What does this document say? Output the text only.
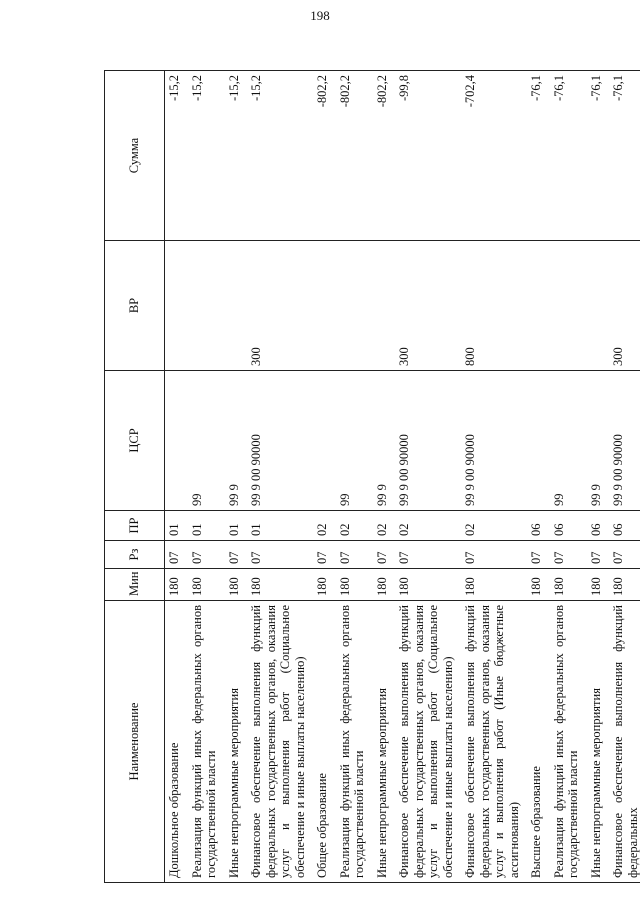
198
Наименование	Мин	Рз	ПР	ЦСР	ВР	Сумма
Дошкольное образование	180	07	01			-15,2
Реализация функций иных федеральных органов государственной власти	180	07	01	99		-15,2
Иные непрограммные мероприятия	180	07	01	99 9		-15,2
Финансовое обеспечение выполнения функций федеральных государственных органов, оказания услуг и выполнения работ (Социальное обеспечение и иные выплаты населению)	180	07	01	99 9 00 90000	300	-15,2
Общее образование	180	07	02			-802,2
Реализация функций иных федеральных органов государственной власти	180	07	02	99		-802,2
Иные непрограммные мероприятия	180	07	02	99 9		-802,2
Финансовое обеспечение выполнения функций федеральных государственных органов, оказания услуг и выполнения работ (Социальное обеспечение и иные выплаты населению)	180	07	02	99 9 00 90000	300	-99,8
Финансовое обеспечение выполнения функций федеральных государственных органов, оказания услуг и выполнения работ (Иные бюджетные ассигнования)	180	07	02	99 9 00 90000	800	-702,4
Высшее образование	180	07	06			-76,1
Реализация функций иных федеральных органов государственной власти	180	07	06	99		-76,1
Иные непрограммные мероприятия	180	07	06	99 9		-76,1
Финансовое обеспечение выполнения функций федеральных	180	07	06	99 9 00 90000	300	-76,1
